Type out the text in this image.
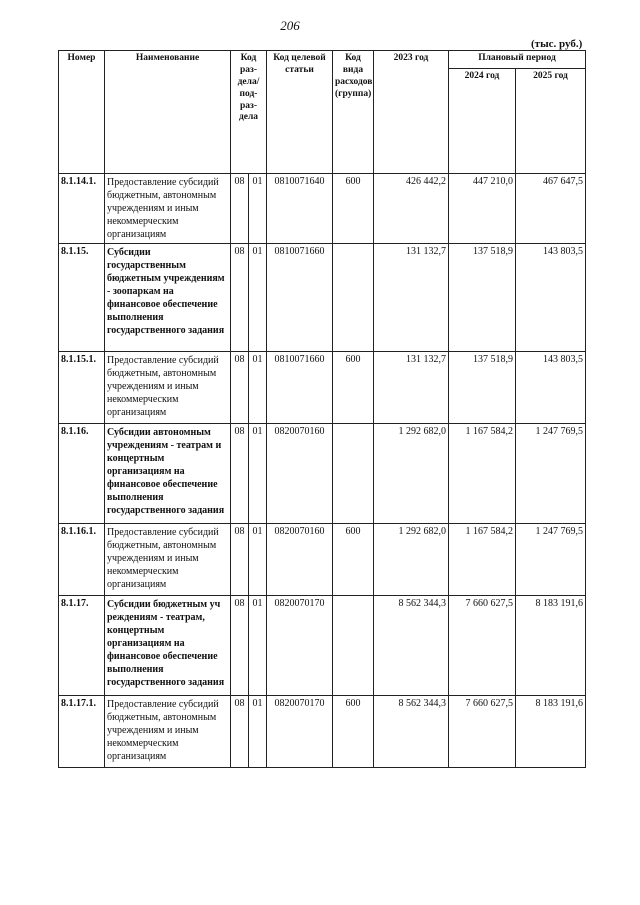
206
(тыс. руб.)
Номер	Наименование	Код раз-дела/ под-раз-дела		Код целевой статьи	Код вида расходов (группа)	2023 год	Плановый период	
							2024 год	2025 год
8.1.14.1.	Предоставление субсидий бюджетным, автономным учреждениям и иным некоммерческим организациям	08	01	0810071640	600	426 442,2	447 210,0	467 647,5
8.1.15.	Субсидии государственным бюджетным учреждениям - зоопаркам на финансовое обеспечение выполнения государственного задания	08	01	0810071660		131 132,7	137 518,9	143 803,5
8.1.15.1.	Предоставление субсидий бюджетным, автономным учреждениям и иным некоммерческим организациям	08	01	0810071660	600	131 132,7	137 518,9	143 803,5
8.1.16.	Субсидии автономным учреждениям - театрам и концертным организациям на финансовое обеспечение выполнения государственного задания	08	01	0820070160		1 292 682,0	1 167 584,2	1 247 769,5
8.1.16.1.	Предоставление субсидий бюджетным, автономным учреждениям и иным некоммерческим организациям	08	01	0820070160	600	1 292 682,0	1 167 584,2	1 247 769,5
8.1.17.	Субсидии бюджетным уч реждениям - театрам, концертным организациям на финансовое обеспечение выполнения государственного задания	08	01	0820070170		8 562 344,3	7 660 627,5	8 183 191,6
8.1.17.1.	Предоставление субсидий бюджетным, автономным учреждениям и иным некоммерческим организациям	08	01	0820070170	600	8 562 344,3	7 660 627,5	8 183 191,6
